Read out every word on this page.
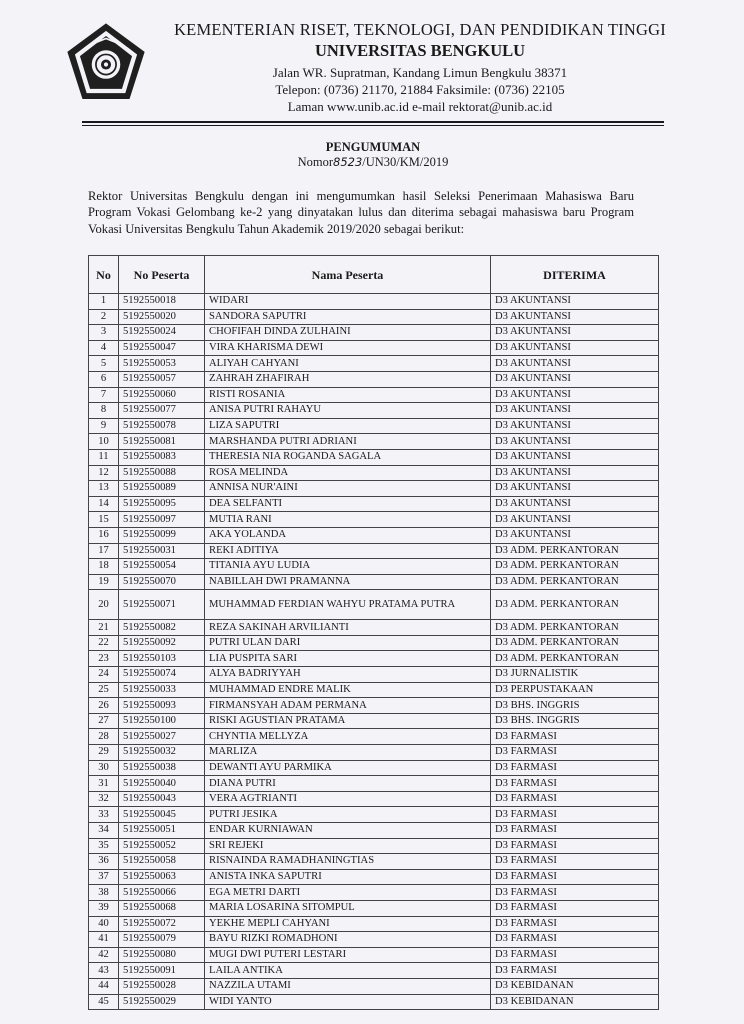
KEMENTERIAN RISET, TEKNOLOGI, DAN PENDIDIKAN TINGGI
UNIVERSITAS BENGKULU
Jalan WR. Supratman, Kandang Limun Bengkulu 38371
Telepon: (0736) 21170, 21884 Faksimile: (0736) 22105
Laman www.unib.ac.id e-mail rektorat@unib.ac.id
PENGUMUMAN
Nomor8523/UN30/KM/2019
Rektor Universitas Bengkulu dengan ini mengumumkan hasil Seleksi Penerimaan Mahasiswa Baru Program Vokasi Gelombang ke-2 yang dinyatakan lulus dan diterima sebagai mahasiswa baru Program Vokasi Universitas Bengkulu Tahun Akademik 2019/2020 sebagai berikut:
No	No Peserta	Nama Peserta	DITERIMA
1	5192550018	WIDARI	D3 AKUNTANSI
2	5192550020	SANDORA SAPUTRI	D3 AKUNTANSI
3	5192550024	CHOFIFAH DINDA ZULHAINI	D3 AKUNTANSI
4	5192550047	VIRA KHARISMA DEWI	D3 AKUNTANSI
5	5192550053	ALIYAH CAHYANI	D3 AKUNTANSI
6	5192550057	ZAHRAH ZHAFIRAH	D3 AKUNTANSI
7	5192550060	RISTI ROSANIA	D3 AKUNTANSI
8	5192550077	ANISA PUTRI RAHAYU	D3 AKUNTANSI
9	5192550078	LIZA SAPUTRI	D3 AKUNTANSI
10	5192550081	MARSHANDA PUTRI ADRIANI	D3 AKUNTANSI
11	5192550083	THERESIA NIA ROGANDA SAGALA	D3 AKUNTANSI
12	5192550088	ROSA MELINDA	D3 AKUNTANSI
13	5192550089	ANNISA NUR'AINI	D3 AKUNTANSI
14	5192550095	DEA SELFANTI	D3 AKUNTANSI
15	5192550097	MUTIA RANI	D3 AKUNTANSI
16	5192550099	AKA YOLANDA	D3 AKUNTANSI
17	5192550031	REKI ADITIYA	D3 ADM. PERKANTORAN
18	5192550054	TITANIA AYU LUDIA	D3 ADM. PERKANTORAN
19	5192550070	NABILLAH DWI PRAMANNA	D3 ADM. PERKANTORAN
20	5192550071	MUHAMMAD FERDIAN WAHYU PRATAMA PUTRA	D3 ADM. PERKANTORAN
21	5192550082	REZA SAKINAH ARVILIANTI	D3 ADM. PERKANTORAN
22	5192550092	PUTRI ULAN DARI	D3 ADM. PERKANTORAN
23	5192550103	LIA PUSPITA SARI	D3 ADM. PERKANTORAN
24	5192550074	ALYA BADRIYYAH	D3 JURNALISTIK
25	5192550033	MUHAMMAD ENDRE MALIK	D3 PERPUSTAKAAN
26	5192550093	FIRMANSYAH ADAM PERMANA	D3 BHS. INGGRIS
27	5192550100	RISKI AGUSTIAN PRATAMA	D3 BHS. INGGRIS
28	5192550027	CHYNTIA MELLYZA	D3 FARMASI
29	5192550032	MARLIZA	D3 FARMASI
30	5192550038	DEWANTI AYU PARMIKA	D3 FARMASI
31	5192550040	DIANA PUTRI	D3 FARMASI
32	5192550043	VERA AGTRIANTI	D3 FARMASI
33	5192550045	PUTRI JESIKA	D3 FARMASI
34	5192550051	ENDAR KURNIAWAN	D3 FARMASI
35	5192550052	SRI REJEKI	D3 FARMASI
36	5192550058	RISNAINDA RAMADHANINGTIAS	D3 FARMASI
37	5192550063	ANISTA INKA SAPUTRI	D3 FARMASI
38	5192550066	EGA METRI DARTI	D3 FARMASI
39	5192550068	MARIA LOSARINA SITOMPUL	D3 FARMASI
40	5192550072	YEKHE MEPLI CAHYANI	D3 FARMASI
41	5192550079	BAYU RIZKI ROMADHONI	D3 FARMASI
42	5192550080	MUGI DWI PUTERI LESTARI	D3 FARMASI
43	5192550091	LAILA ANTIKA	D3 FARMASI
44	5192550028	NAZZILA UTAMI	D3 KEBIDANAN
45	5192550029	WIDI YANTO	D3 KEBIDANAN
